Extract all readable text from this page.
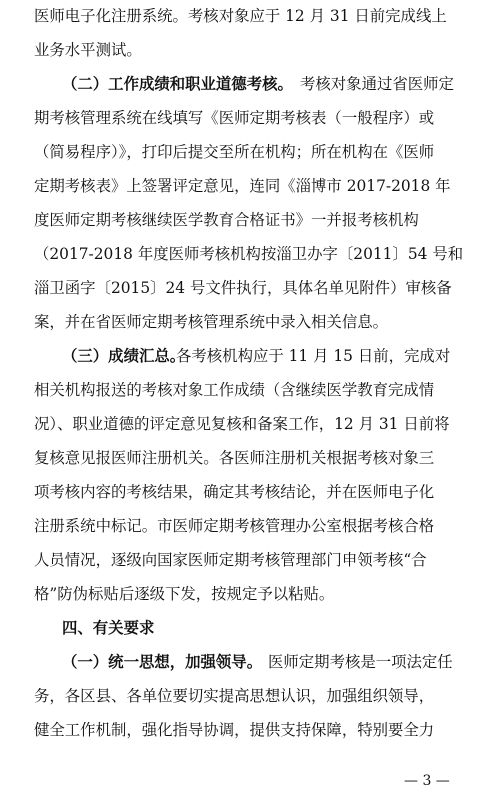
医师电子化注册系统。考核对象应于 12 月 31 日前完成线上
业务水平测试。
（二）工作成绩和职业道德考核。 考核对象通过省医师定
期考核管理系统在线填写《医师定期考核表（一般程序）或
（简易程序）》，打印后提交至所在机构；所在机构在《医师
定期考核表》上签署评定意见，连同《淄博市 2017-2018 年
度医师定期考核继续医学教育合格证书》一并报考核机构
（2017-2018 年度医师考核机构按淄卫办字〔2011〕54 号和
淄卫函字〔2015〕24 号文件执行，具体名单见附件）审核备
案，并在省医师定期考核管理系统中录入相关信息。
（三）成绩汇总。
各考核机构应于 11 月 15 日前，完成对
相关机构报送的考核对象工作成绩（含继续医学教育完成情
况）、职业道德的评定意见复核和备案工作，12 月 31 日前将
复核意见报医师注册机关。各医师注册机关根据考核对象三
项考核内容的考核结果，确定其考核结论，并在医师电子化
注册系统中标记。市医师定期考核管理办公室根据考核合格
人员情况，逐级向国家医师定期考核管理部门申领考核“合
格”防伪标贴后逐级下发，按规定予以粘贴。
四、有关要求
（一）统一思想，加强领导。 医师定期考核是一项法定任
务，各区县、各单位要切实提高思想认识，加强组织领导，
健全工作机制，强化指导协调，提供支持保障，特别要全力
— 3 —
